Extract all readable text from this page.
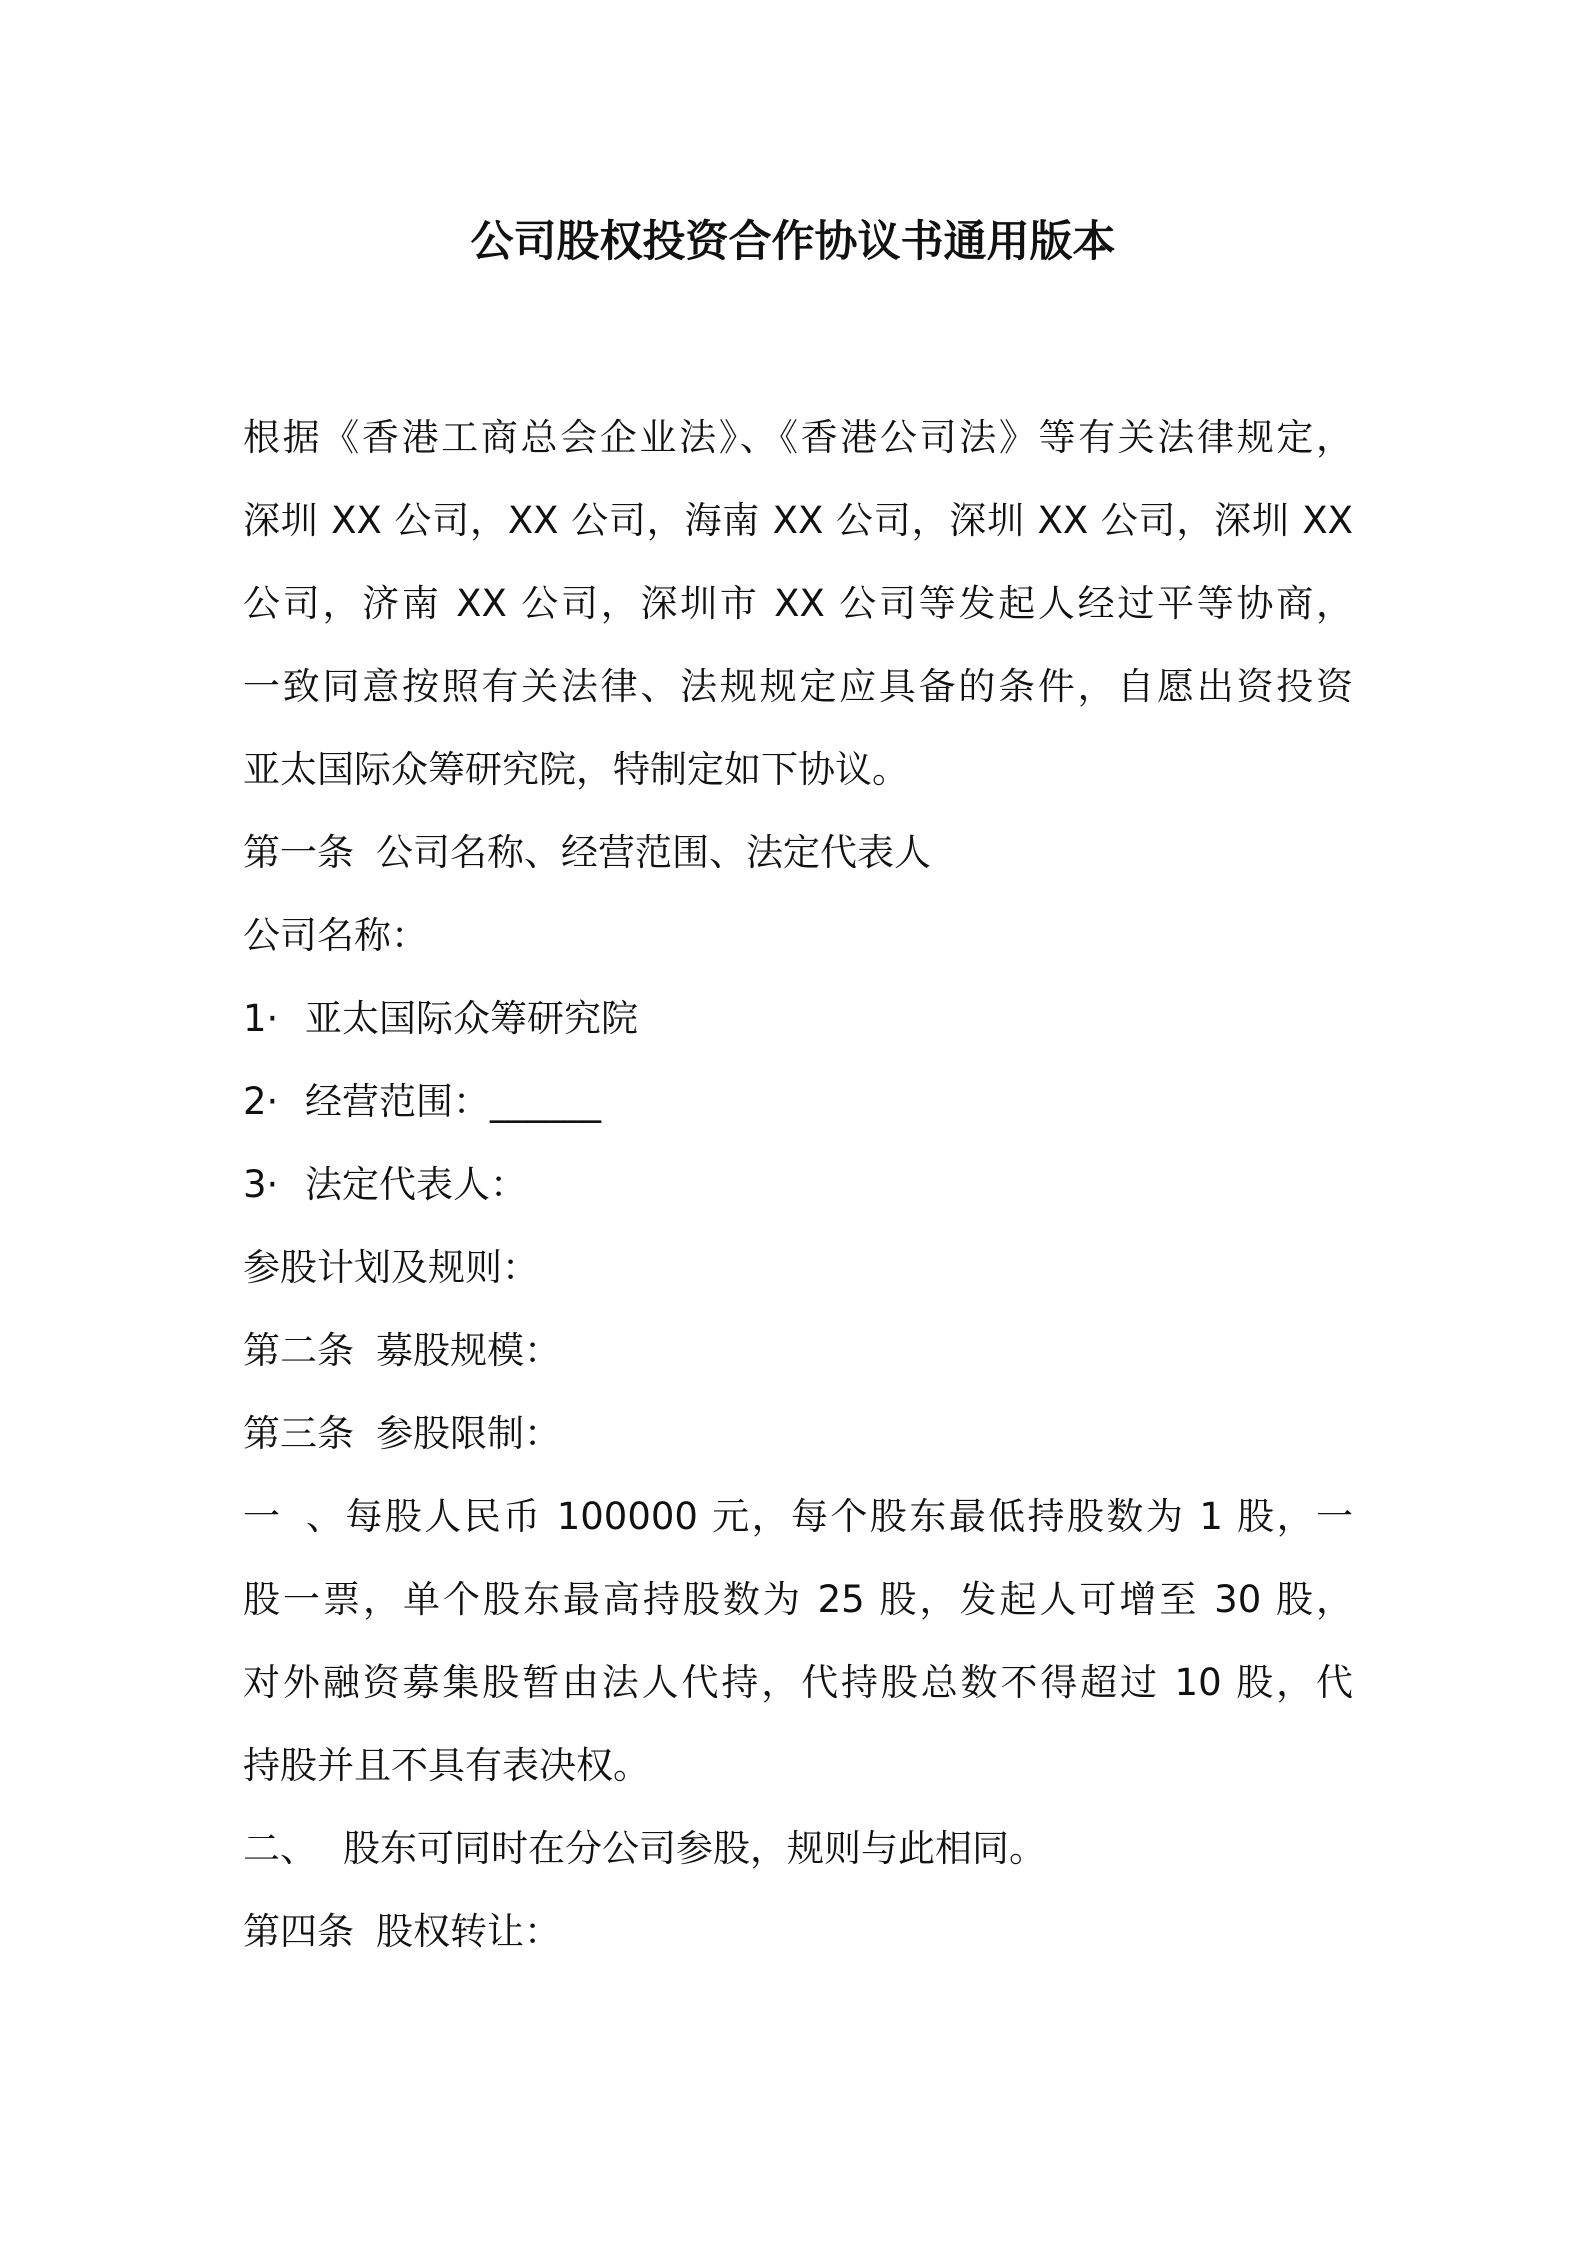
公司股权投资合作协议书通用版本
根据《香港工商总会企业法》、《香港公司法》等有关法律规定，
深圳 XX 公司，XX 公司，海南 XX 公司，深圳 XX 公司，深圳 XX
公司，济南 XX 公司，深圳市 XX 公司等发起人经过平等协商，
一致同意按照有关法律、法规规定应具备的条件，自愿出资投资
亚太国际众筹研究院，特制定如下协议。

第一条 公司名称、经营范围、法定代表人

公司名称：

1· 亚太国际众筹研究院

2· 经营范围：______

3· 法定代表人：

参股计划及规则：

第二条 募股规模：

第三条 参股限制：

一、每股人民币 100000 元，每个股东最低持股数为 1 股，一
股一票，单个股东最高持股数为 25 股，发起人可增至 30 股，
对外融资募集股暂由法人代持，代持股总数不得超过 10 股，代
持股并且不具有表决权。

二、 股东可同时在分公司参股，规则与此相同。

第四条 股权转让：
